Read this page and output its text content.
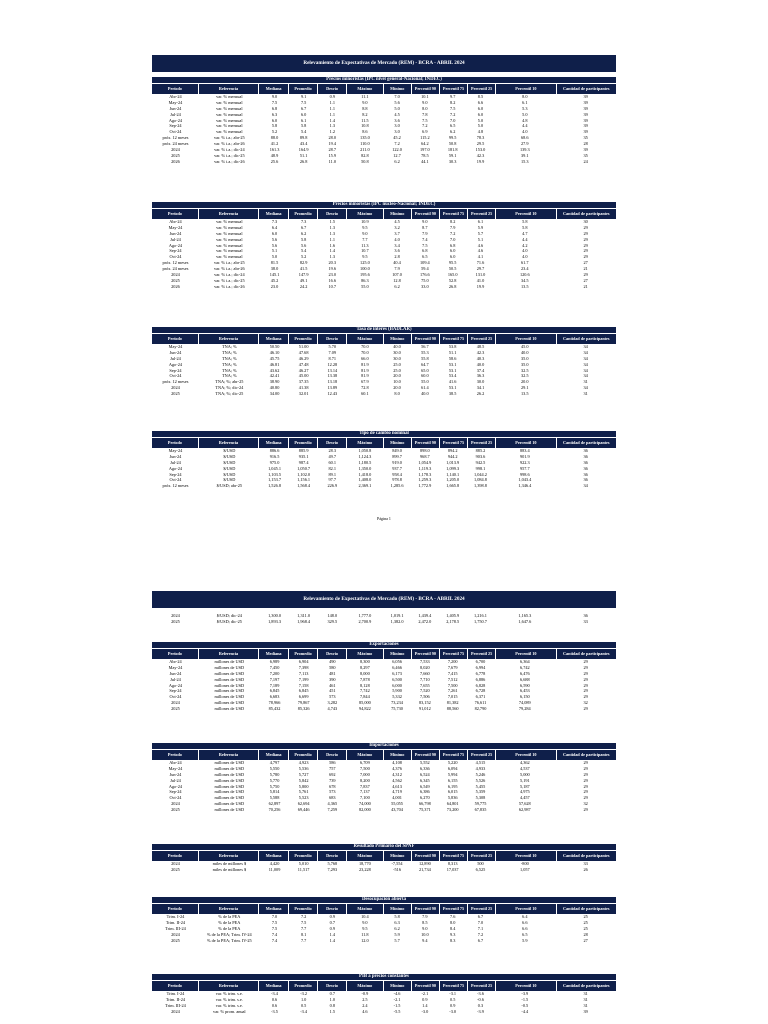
Relevamiento de Expectativas de Mercado (REM) - BCRA - ABRIL 2024
Precios minoristas (IPC nivel general-Nacional; INDEC)
Período	Referencia	Mediana	Promedio	Desvío	Máximo	Mínimo	Percentil 90	Percentil 75	Percentil 25	Percentil 10	Cantidad de participantes
Abr-24	var. % mensual	9.0	9.1	0.9	11.1	7.0	10.1	9.7	8.5	8.0	39
May-24	var. % mensual	7.5	7.5	1.1	9.0	5.6	9.0	8.2	6.6	6.1	39
Jun-24	var. % mensual	6.8	6.7	1.1	8.8	5.0	8.0	7.5	6.0	5.3	39
Jul-24	var. % mensual	6.3	6.0	1.1	8.2	4.5	7.8	7.2	6.0	5.0	39
Ago-24	var. % mensual	6.0	6.1	1.4	11.5	3.6	7.5	7.0	5.0	4.8	39
Sep-24	var. % mensual	5.8	5.8	1.3	10.8	3.0	7.2	6.5	5.0	4.4	39
Oct-24	var. % mensual	5.2	5.4	1.2	8.6	3.0	6.9	6.2	4.8	4.0	39
próx. 12 meses	var. % i.a.; abr-25	88.0	89.8	28.0	135.0	45.2	115.2	99.5	78.3	68.6	35
próx. 24 meses	var. % i.a.; abr-26	41.2	43.4	19.4	110.0	7.2	64.2	50.8	29.5	27.9	28
2024	var. % i.a.; dic-24	161.3	164.9	28.7	211.0	122.0	197.0	181.8	153.0	139.3	39
2025	var. % i.a.; dic-25	48.9	51.1	15.9	82.8	12.7	78.5	59.1	42.3	39.1	35
2026	var. % i.a.; dic-26	25.6	26.8	11.0	50.8	6.2	44.1	30.3	19.9	15.3	24
Precios minoristas (IPC núcleo-Nacional; INDEC)
Período	Referencia	Mediana	Promedio	Desvío	Máximo	Mínimo	Percentil 90	Percentil 75	Percentil 25	Percentil 10	Cantidad de participantes
Abr-24	var. % mensual	7.3	7.3	1.5	10.9	4.5	9.0	8.2	6.1	5.8	30
May-24	var. % mensual	6.4	6.7	1.3	9.5	3.2	8.7	7.9	5.9	5.8	29
Jun-24	var. % mensual	6.0	6.2	1.3	9.0	3.7	7.9	7.2	5.7	4.7	29
Jul-24	var. % mensual	5.6	5.8	1.1	7.7	4.0	7.4	7.0	5.1	4.4	29
Ago-24	var. % mensual	5.6	5.6	1.6	11.3	3.4	7.5	6.8	4.6	4.2	29
Sep-24	var. % mensual	5.1	5.4	1.4	10.7	3.6	6.8	6.0	4.6	4.0	29
Oct-24	var. % mensual	5.0	5.2	1.3	9.5	2.8	6.5	6.0	4.1	4.0	29
próx. 12 meses	var. % i.a.; abr-25	81.5	82.9	20.3	125.0	40.4	109.4	95.5	71.6	61.7	27
próx. 24 meses	var. % i.a.; abr-26	38.0	41.5	19.6	100.0	7.9	59.4	50.5	29.7	23.4	21
2024	var. % i.a.; dic-24	145.1	147.9	23.0	195.6	107.0	176.6	165.0	131.0	120.6	29
2025	var. % i.a.; dic-25	45.2	49.1	16.6	86.3	12.8	75.0	52.8	41.0	34.5	27
2026	var. % i.a.; dic-26	23.0	24.2	10.7	55.0	6.2	33.0	26.8	19.9	13.5	21
Tasa de interés (BADLAR)
Período	Referencia	Mediana	Promedio	Desvío	Máximo	Mínimo	Percentil 90	Percentil 75	Percentil 25	Percentil 10	Cantidad de participantes
May-24	TNA; %	50.50	51.00	5.70	70.0	40.0	56.7	53.8	48.5	45.0	34
Jun-24	TNA; %	46.10	47.68	7.09	70.0	30.0	55.3	51.1	42.3	40.0	34
Jul-24	TNA; %	45.75	46.29	8.71	66.0	30.0	55.8	58.6	40.3	35.0	34
Ago-24	TNA; %	46.81	47.48	12.28	81.9	25.0	64.7	53.1	40.0	35.0	34
Sep-24	TNA; %	43.62	46.27	13.14	81.9	25.0	65.0	53.1	37.4	32.5	34
Oct-24	TNA; %	42.41	45.00	13.38	81.9	20.0	60.0	53.4	36.3	32.5	34
próx. 12 meses	TNA; %; abr-25	38.90	37.35	13.18	67.9	10.0	55.0	41.6	30.0	20.0	31
2024	TNA; %; dic-24	40.80	41.38	13.89	72.8	20.0	61.4	53.1	34.1	29.1	34
2025	TNA; %; dic-25	34.00	32.01	12.43	60.1	8.0	40.0	38.5	26.2	13.5	31
Tipo de cambio nominal
Período	Referencia	Mediana	Promedio	Desvío	Máximo	Mínimo	Percentil 90	Percentil 75	Percentil 25	Percentil 10	Cantidad de participantes
May-24	$/USD	886.6	885.9	28.3	1,050.8	849.0	898.0	894.2	885.2	883.4	36
Jun-24	$/USD	916.5	935.1	49.7	1,124.3	899.7	968.7	944.2	903.6	901.9	36
Jul-24	$/USD	975.0	987.4	60.1	1,180.5	919.0	1,054.9	1,013.9	942.5	922.3	36
Ago-24	$/USD	1,045.1	1,050.7	82.1	1,350.0	937.7	1,119.3	1,099.3	998.1	957.7	36
Sep-24	$/USD	1,103.5	1,102.0	89.1	1,418.0	958.4	1,178.3	1,140.1	1,044.2	998.6	36
Oct-24	$/USD	1,153.7	1,156.1	97.7	1,408.0	978.8	1,259.3	1,205.0	1,084.8	1,043.4	36
próx. 12 meses	$/USD; abr-25	1,526.8	1,568.4	226.9	2,369.1	1,285.6	1,772.9	1,665.8	1,398.8	1,346.4	34
Página 1
Relevamiento de Expectativas de Mercado (REM) - BCRA - ABRIL 2024
2024	$/USD; dic-24	1,300.0	1,311.0	148.0	1,777.0	1,019.1	1,439.4	1,405.9	1,216.1	1,165.3	36
2025	$/USD; dic-25	1,893.3	1,968.4	329.5	2,700.9	1,382.0	2,472.0	2,178.5	1,750.7	1,647.6	33
Exportaciones
Período	Referencia	Mediana	Promedio	Desvío	Máximo	Mínimo	Percentil 90	Percentil 75	Percentil 25	Percentil 10	Cantidad de participantes
Abr-24	millones de USD	6,989	6,904	490	8,300	6,056	7,533	7,200	6,700	6,364	29
May-24	millones de USD	7,450	7,398	580	8,297	6,466	8,020	7,679	6,994	6,742	29
Jun-24	millones de USD	7,200	7,113	481	8,000	6,173	7,660	7,415	6,778	6,476	29
Jul-24	millones de USD	7,197	7,199	390	7,878	6,500	7,710	7,512	6,886	6,688	29
Ago-24	millones de USD	7,189	7,158	461	8,128	6,000	7,655	7,500	6,828	6,590	29
Sep-24	millones de USD	6,845	6,845	451	7,742	5,900	7,520	7,261	6,728	6,453	29
Oct-24	millones de USD	6,683	6,699	573	7,844	5,332	7,506	7,015	6,371	6,150	29
2024	millones de USD	78,966	79,867	3,282	85,000	73,234	83,152	81,382	76,611	74,089	32
2025	millones de USD	85,432	85,326	4,743	94,822	75,730	91,012	88,560	82,790	79,284	29
Importaciones
Período	Referencia	Mediana	Promedio	Desvío	Máximo	Mínimo	Percentil 90	Percentil 75	Percentil 25	Percentil 10	Cantidad de participantes
Abr-24	millones de USD	4,797	4,923	586	6,709	4,108	5,552	5,220	4,515	4,362	29
May-24	millones de USD	5,550	5,536	757	7,500	4,376	6,336	6,094	4,933	4,537	29
Jun-24	millones de USD	5,780	5,727	692	7,000	4,312	6,524	5,994	5,246	5,000	29
Jul-24	millones de USD	5,770	5,842	739	8,200	4,562	6,345	6,155	5,526	5,191	29
Ago-24	millones de USD	5,750	5,800	678	7,837	4,613	6,549	6,195	5,455	5,187	29
Sep-24	millones de USD	5,814	5,761	573	7,137	4,719	6,386	6,015	5,359	4,975	29
Oct-24	millones de USD	5,588	5,523	683	7,100	4,001	6,270	5,836	5,308	4,457	29
2024	millones de USD	62,897	62,694	4,365	74,000	55,055	66,798	64,801	59,775	57,628	32
2025	millones de USD	70,256	69,446	7,259	82,000	43,704	75,371	73,200	67,835	62,987	29
Resultado Primario del SPNF
Período	Referencia	Mediana	Promedio	Desvío	Máximo	Mínimo	Percentil 90	Percentil 75	Percentil 25	Percentil 10	Cantidad de participantes
2024	miles de millones $	4,420	5,010	5,768	18,770	-7,554	12,890	8,313	500	-800	33
2025	miles de millones $	11,009	11,517	7,293	23,228	-516	21,734	17,037	6,525	1,057	26
Desocupación abierta
Período	Referencia	Mediana	Promedio	Desvío	Máximo	Mínimo	Percentil 90	Percentil 75	Percentil 25	Percentil 10	Cantidad de participantes
Trim. I-24	% de la PEA	7.0	7.2	0.9	10.4	5.8	7.9	7.6	6.7	6.4	25
Trim. II-24	% de la PEA	7.5	7.5	0.7	9.0	6.3	8.5	8.0	7.0	6.6	25
Trim. III-24	% de la PEA	7.5	7.7	0.9	9.5	6.2	9.0	8.4	7.1	6.6	25
2024	% de la PEA; Trim. IV-24	7.4	8.1	1.4	11.8	5.9	10.0	9.3	7.2	6.5	28
2025	% de la PEA; Trim. IV-25	7.4	7.7	1.4	12.0	5.7	9.4	8.3	6.7	5.9	27
PIB a precios constantes
Período	Referencia	Mediana	Promedio	Desvío	Máximo	Mínimo	Percentil 90	Percentil 75	Percentil 25	Percentil 10	Cantidad de participantes
Trim. I-24	var. % trim. s.e.	-3.4	-3.2	0.7	-0.9	-4.6	-2.1	-3.1	-3.6	-3.9	31
Trim. II-24	var. % trim. s.e.	0.6	1.0	1.0	2.5	-2.1	0.9	0.5	-0.6	-1.5	31
Trim. III-24	var. % trim. s.e.	0.6	0.5	0.8	2.4	-1.5	1.4	0.9	0.3	-0.5	31
2024	var. % prom. anual	-3.5	-3.4	1.5	4.6	-5.5	-3.0	-3.0	-3.9	-4.4	39
